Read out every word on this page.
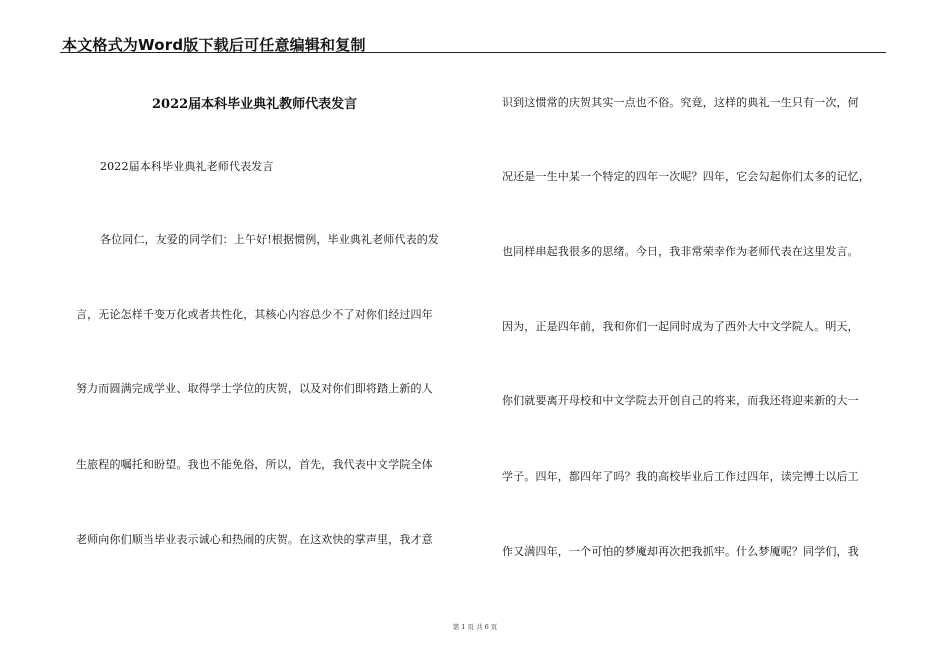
本文格式为Word版下载后可任意编辑和复制
2022届本科毕业典礼教师代表发言
2022届本科毕业典礼老师代表发言
各位同仁，友爱的同学们：上午好!根据惯例，毕业典礼老师代表的发
言，无论怎样千变万化或者共性化，其核心内容总少不了对你们经过四年
努力而圆满完成学业、取得学士学位的庆贺，以及对你们即将踏上新的人
生旅程的嘱托和盼望。我也不能免俗，所以，首先，我代表中文学院全体
老师向你们顺当毕业表示诚心和热闹的庆贺。在这欢快的掌声里，我才意
识到这惯常的庆贺其实一点也不俗。究竟，这样的典礼一生只有一次，何
况还是一生中某一个特定的四年一次呢？四年，它会勾起你们太多的记忆，
也同样串起我很多的思绪。今日，我非常荣幸作为老师代表在这里发言。
因为，正是四年前，我和你们一起同时成为了西外大中文学院人。明天，
你们就要离开母校和中文学院去开创自己的将来，而我还将迎来新的大一
学子。四年，都四年了吗？我的高校毕业后工作过四年，读完博士以后工
作又满四年，一个可怕的梦魇却再次把我抓牢。什么梦魇呢？同学们，我
第 1 页 共 6 页
